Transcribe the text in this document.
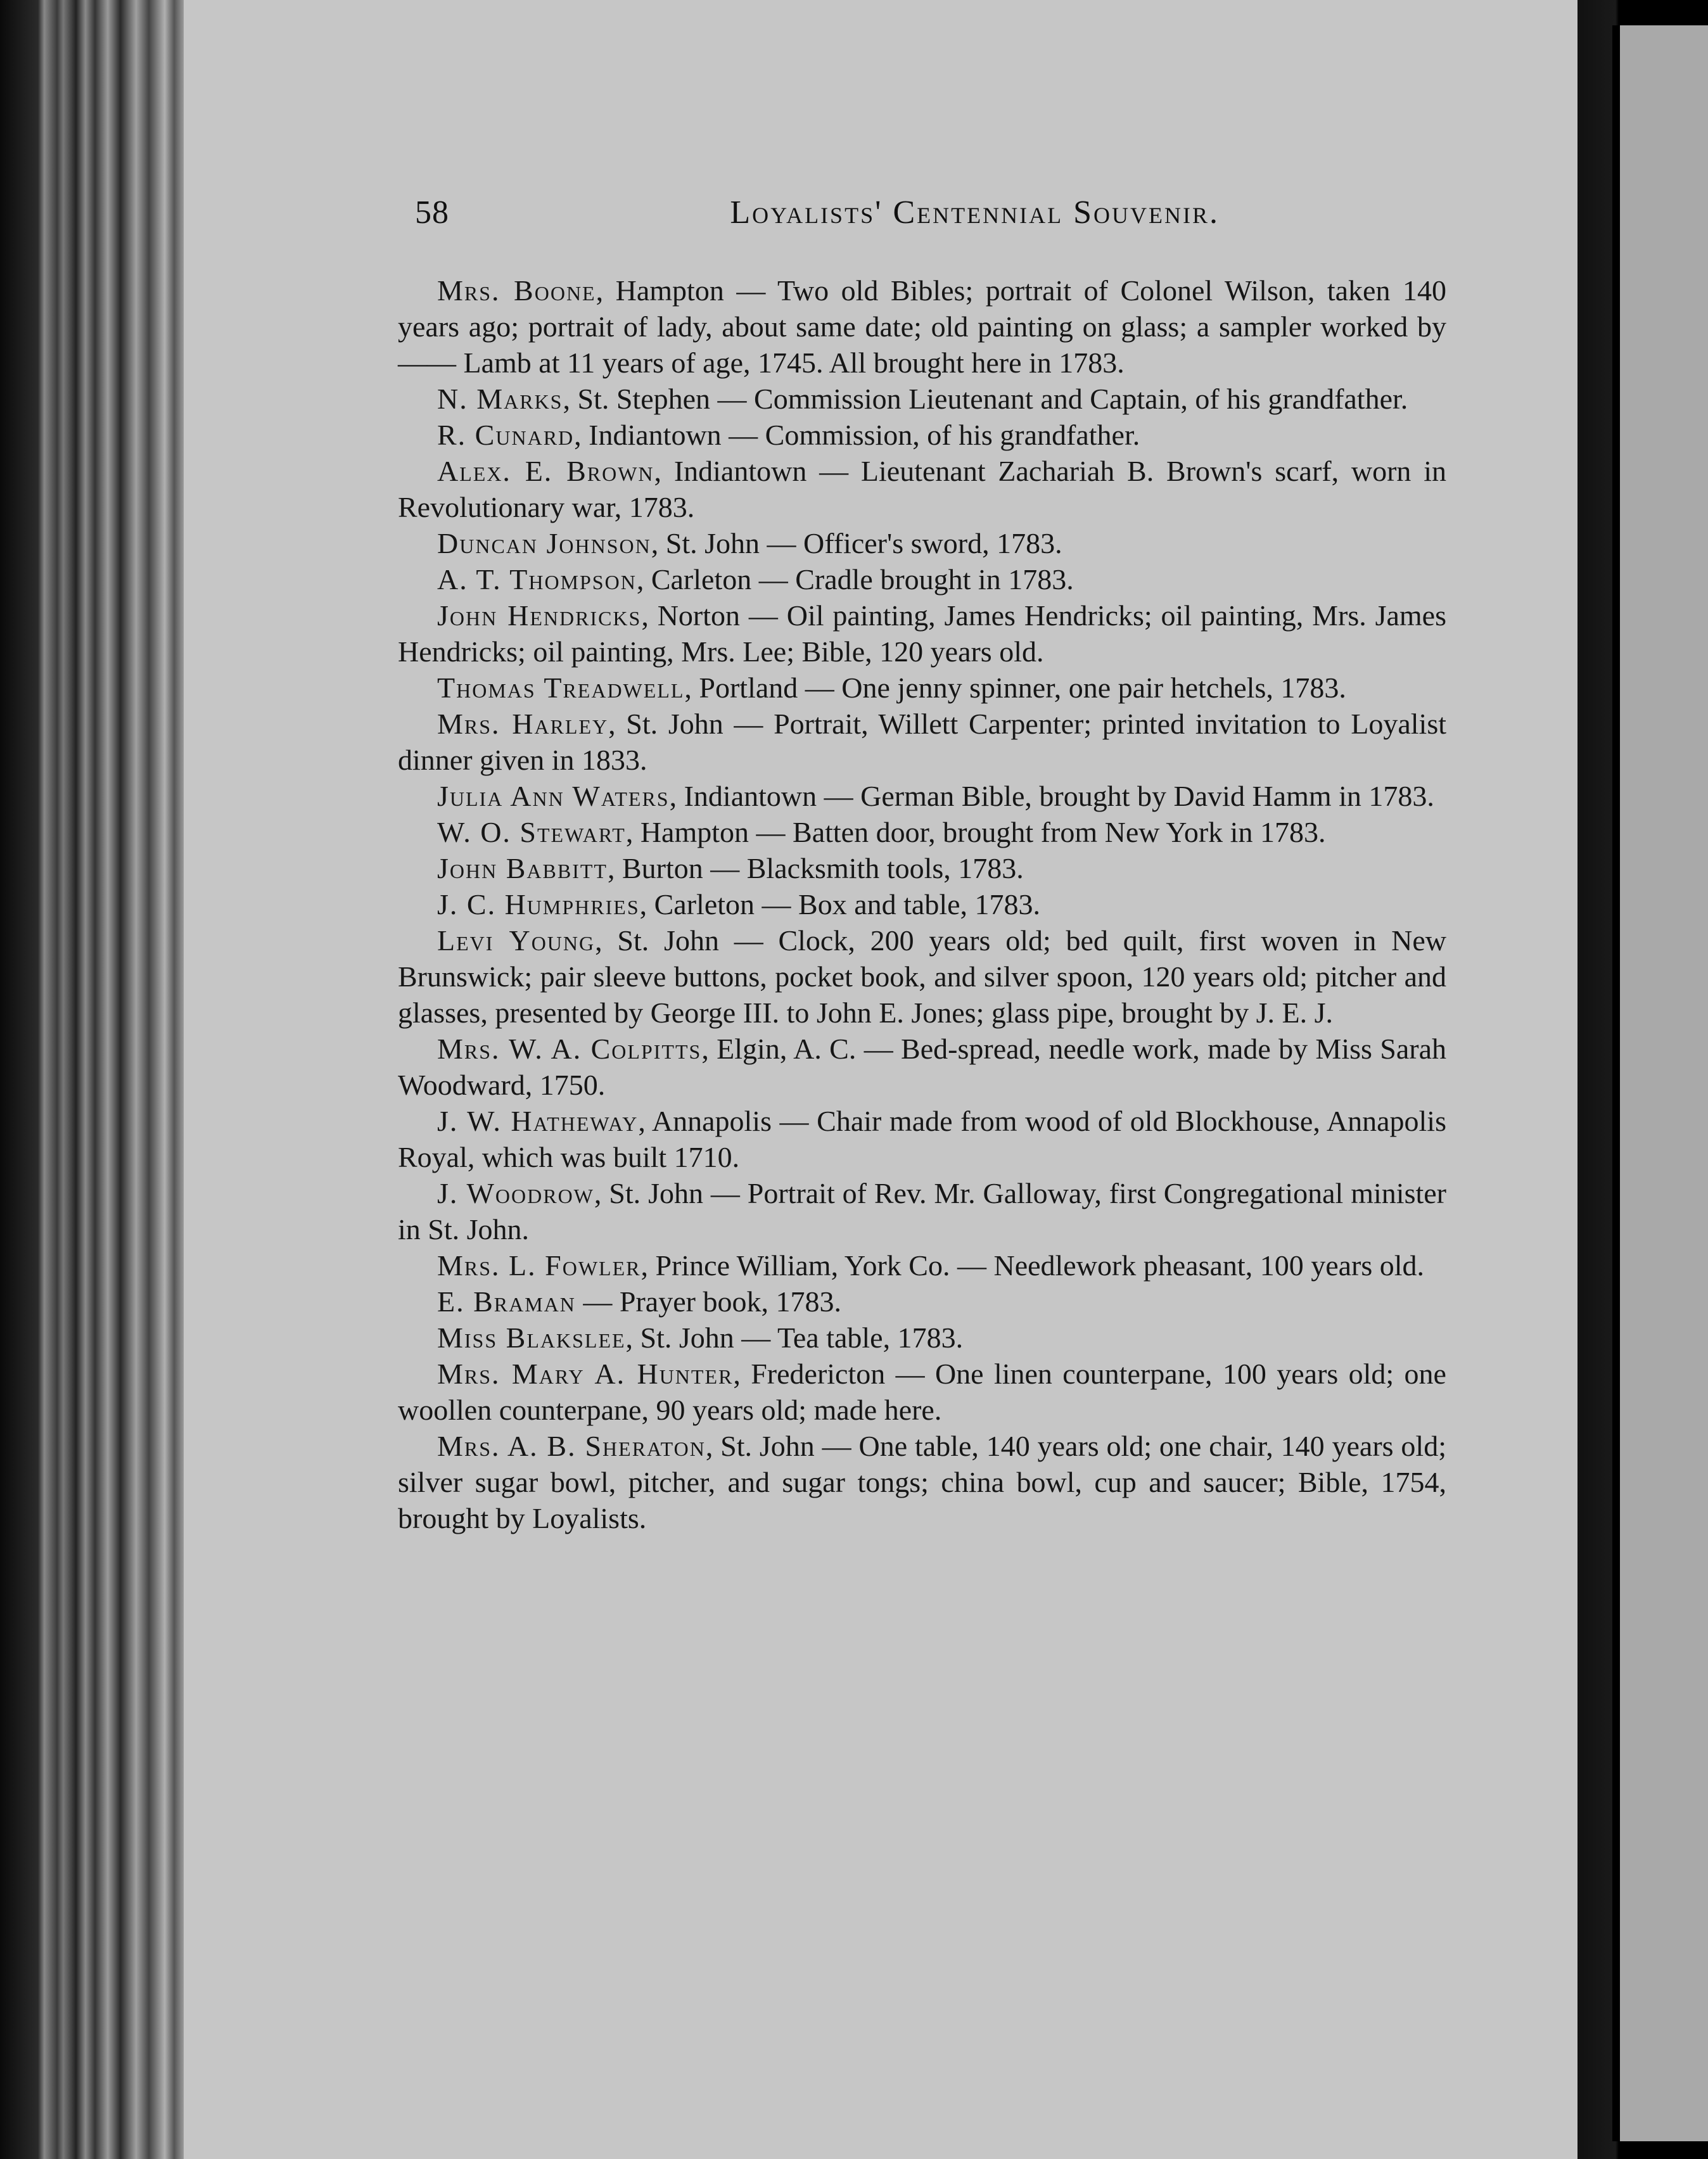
58	Loyalists' Centennial Souvenir.

Mrs. Boone, Hampton — Two old Bibles; portrait of Colonel Wilson, taken 140 years ago; portrait of lady, about same date; old painting on glass; a sampler worked by —— Lamb at 11 years of age, 1745. All brought here in 1783.

N. Marks, St. Stephen — Commission Lieutenant and Captain, of his grandfather.

R. Cunard, Indiantown — Commission, of his grandfather.

Alex. E. Brown, Indiantown — Lieutenant Zachariah B. Brown's scarf, worn in Revolutionary war, 1783.

Duncan Johnson, St. John — Officer's sword, 1783.

A. T. Thompson, Carleton — Cradle brought in 1783.

John Hendricks, Norton — Oil painting, James Hendricks; oil painting, Mrs. James Hendricks; oil painting, Mrs. Lee; Bible, 120 years old.

Thomas Treadwell, Portland — One jenny spinner, one pair hetchels, 1783.

Mrs. Harley, St. John — Portrait, Willett Carpenter; printed invitation to Loyalist dinner given in 1833.

Julia Ann Waters, Indiantown — German Bible, brought by David Hamm in 1783.

W. O. Stewart, Hampton — Batten door, brought from New York in 1783.

John Babbitt, Burton — Blacksmith tools, 1783.

J. C. Humphries, Carleton — Box and table, 1783.

Levi Young, St. John — Clock, 200 years old; bed quilt, first woven in New Brunswick; pair sleeve buttons, pocket book, and silver spoon, 120 years old; pitcher and glasses, presented by George III. to John E. Jones; glass pipe, brought by J. E. J.

Mrs. W. A. Colpitts, Elgin, A. C. — Bed-spread, needle work, made by Miss Sarah Woodward, 1750.

J. W. Hatheway, Annapolis — Chair made from wood of old Blockhouse, Annapolis Royal, which was built 1710.

J. Woodrow, St. John — Portrait of Rev. Mr. Galloway, first Congregational minister in St. John.

Mrs. L. Fowler, Prince William, York Co. — Needlework pheasant, 100 years old.

E. Braman — Prayer book, 1783.

Miss Blakslee, St. John — Tea table, 1783.

Mrs. Mary A. Hunter, Fredericton — One linen counterpane, 100 years old; one woollen counterpane, 90 years old; made here.

Mrs. A. B. Sheraton, St. John — One table, 140 years old; one chair, 140 years old; silver sugar bowl, pitcher, and sugar tongs; china bowl, cup and saucer; Bible, 1754, brought by Loyalists.
